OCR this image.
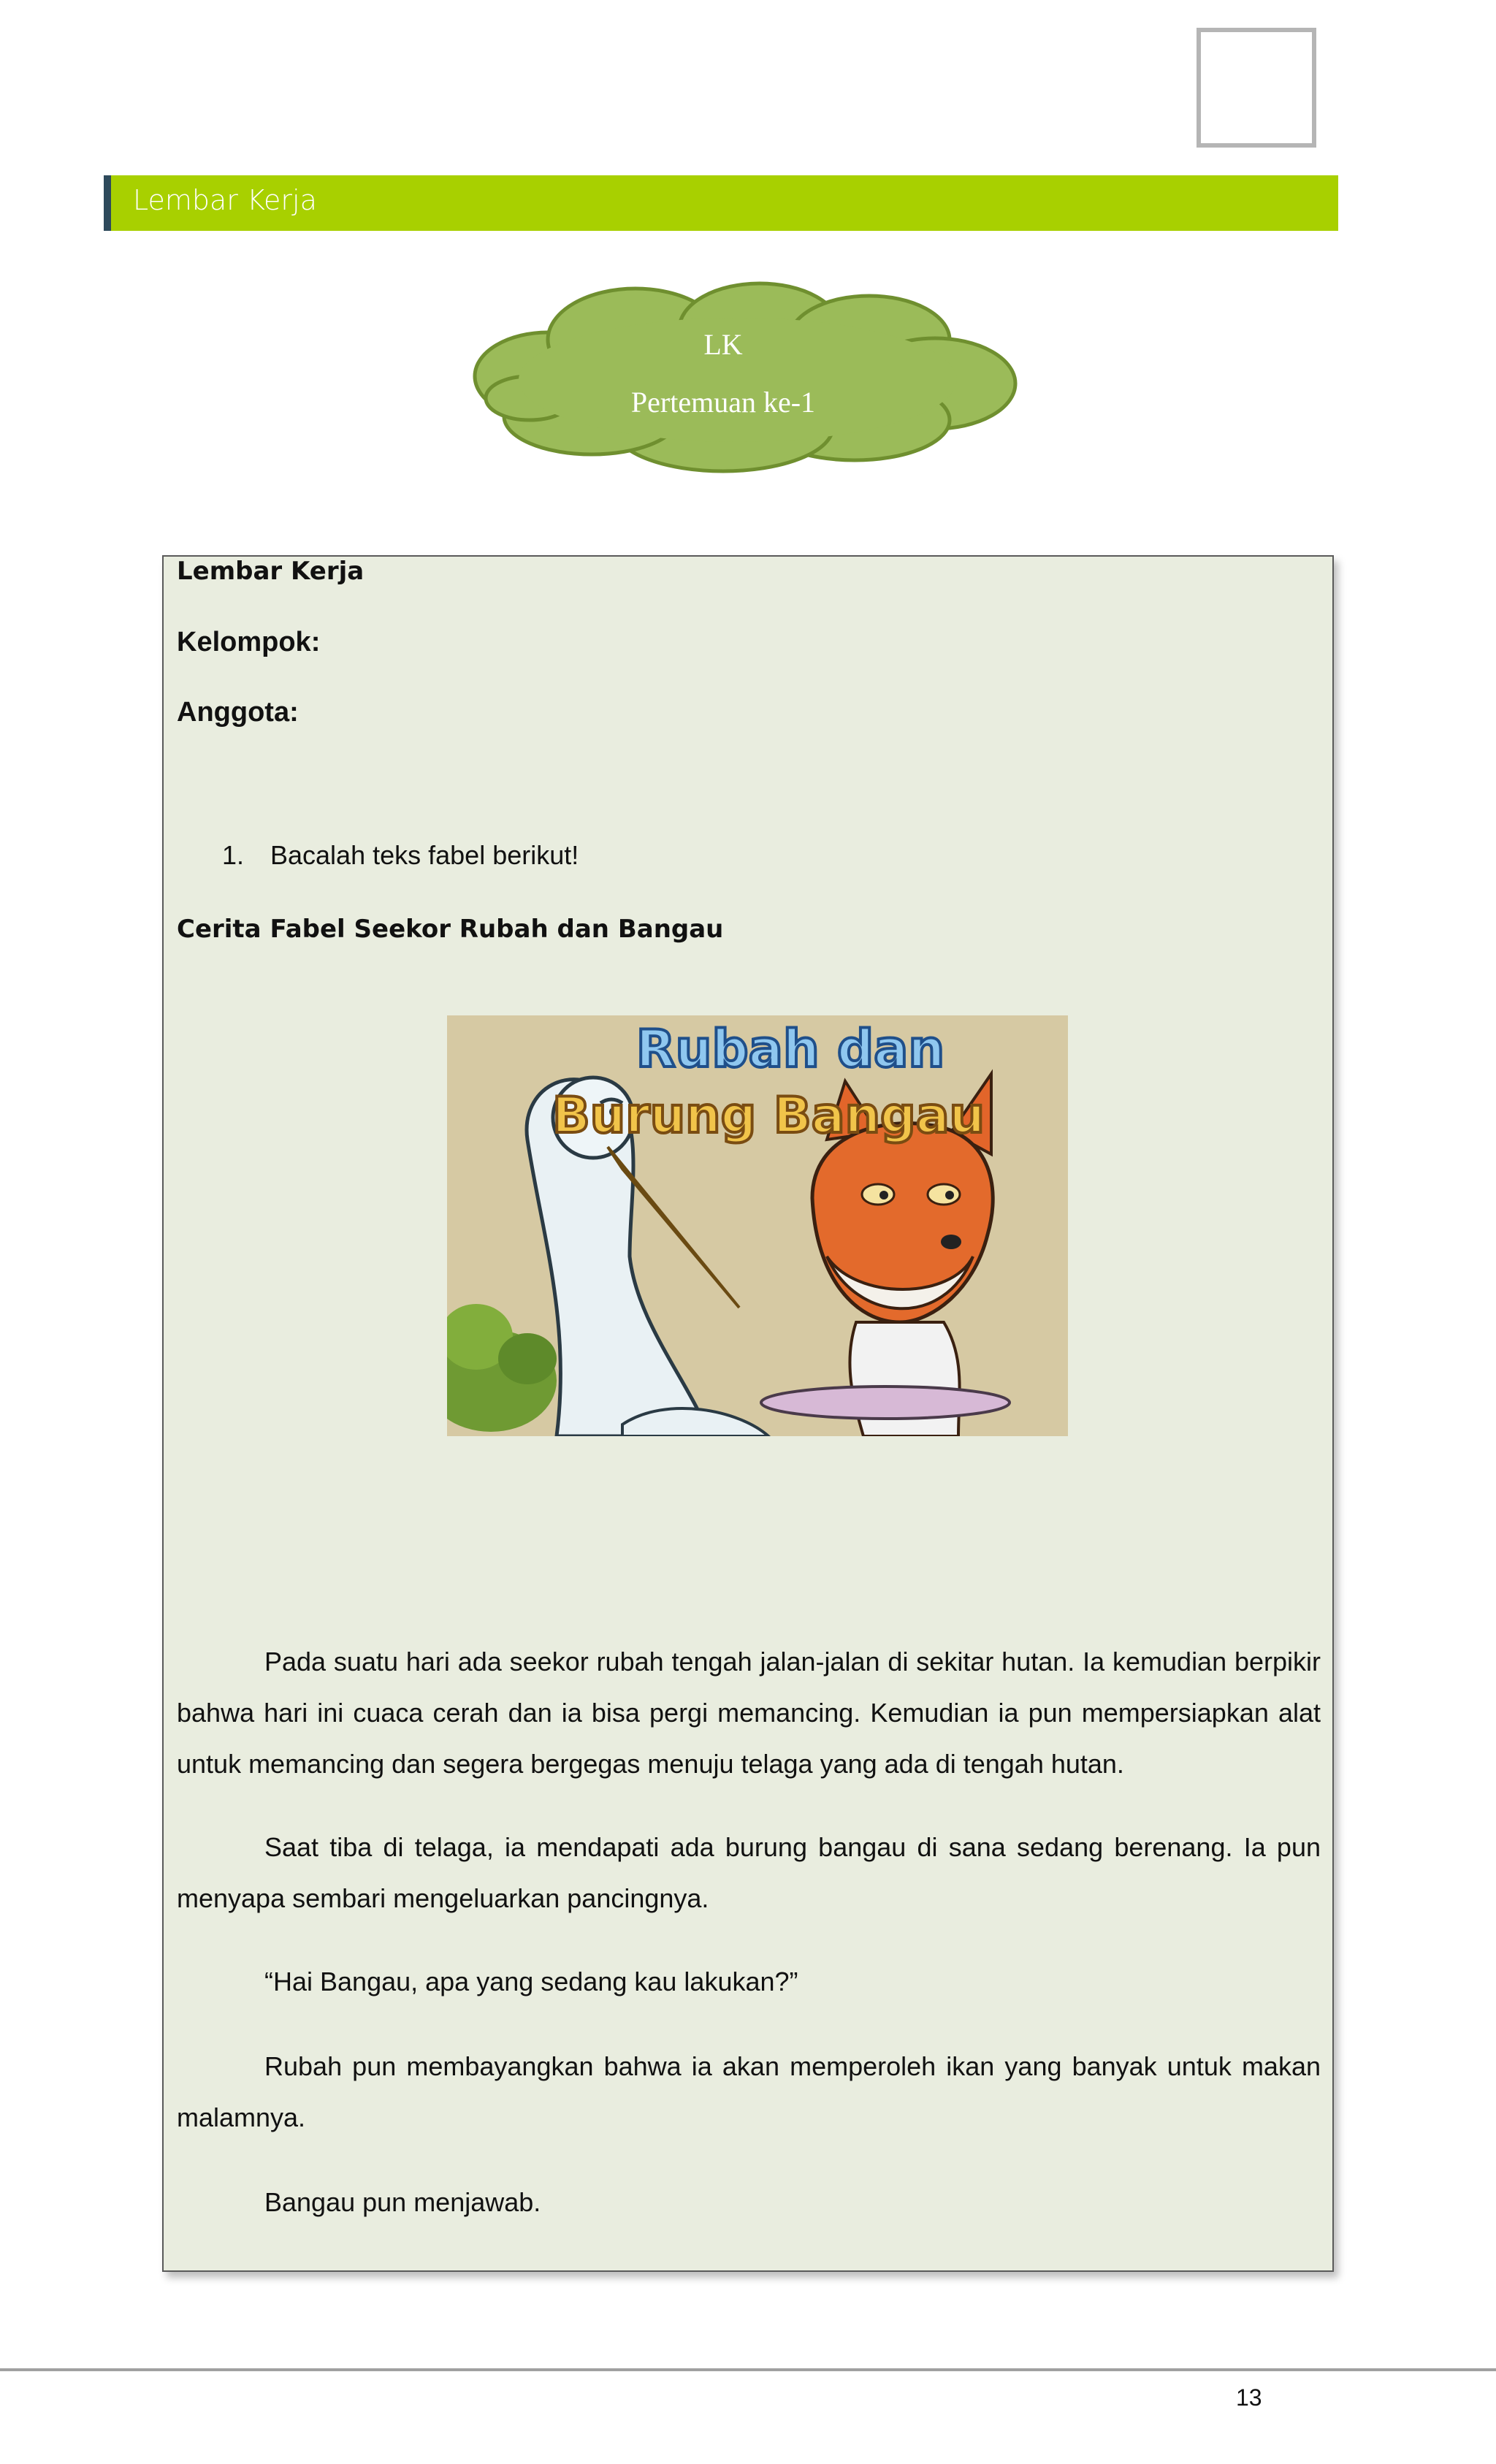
Lembar Kerja
LK
Pertemuan ke-1
Lembar Kerja
Kelompok:
Anggota:
1. Bacalah teks fabel berikut!
Cerita Fabel Seekor Rubah dan Bangau
Rubah dan
Burung Bangau

Pada suatu hari ada seekor rubah tengah jalan-jalan di sekitar hutan. Ia kemudian berpikir bahwa hari ini cuaca cerah dan ia bisa pergi memancing. Kemudian ia pun mempersiapkan alat untuk memancing dan segera bergegas menuju telaga yang ada di tengah hutan.

Saat tiba di telaga, ia mendapati ada burung bangau di sana sedang berenang. Ia pun menyapa sembari mengeluarkan pancingnya.

“Hai Bangau, apa yang sedang kau lakukan?”

Rubah pun membayangkan bahwa ia akan memperoleh ikan yang banyak untuk makan malamnya.

Bangau pun menjawab.

13
